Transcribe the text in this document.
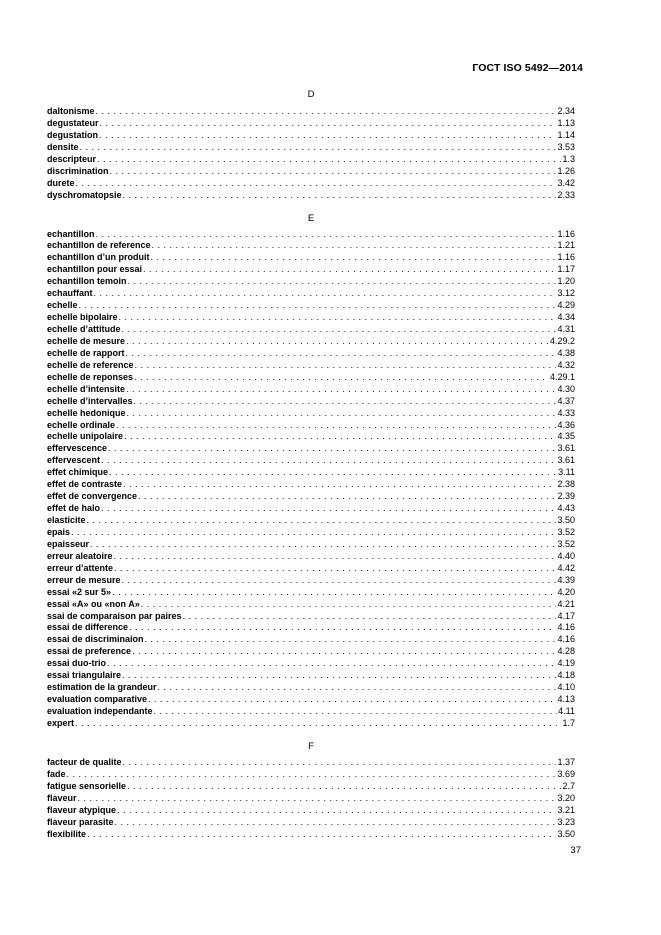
ГОСТ ISO 5492—2014
D
daltonisme . . .	2.34
degustateur . . .	1.13
degustation . . .	1.14
densite . . .	3.53
descripteur . . .	1.3
discrimination . . .	1.26
durete . . .	3.42
dyschromatopsie . . .	2.33
E
echantillon . . .	1.16
echantillon de reference . . .	1.21
echantillon d’un produit . . .	1.16
echantillon pour essai . . .	1.17
echantillon temoin . . .	1.20
echauffant . . .	3.12
echelle . . .	4.29
echelle bipolaire . . .	4.34
echelle d’attitude . . .	4.31
echelle de mesure . . .	4.29.2
echelle de rapport . . .	4.38
echelle de reference . . .	4.32
echelle de reponses . . .	4.29.1
echelle d’intensite . . .	4.30
echelle d’intervalles . . .	4.37
echelle hedonique . . .	4.33
echelle ordinale . . .	4.36
echelle unipolaire . . .	4.35
effervescence . . .	3.61
effervescent . . .	3.61
effet chimique . . .	3.11
effet de contraste . . .	2.38
effet de convergence . . .	2.39
effet de halo . . .	4.43
elasticite . . .	3.50
epais . . .	3.52
epaisseur . . .	3.52
erreur aleatoire . . .	4.40
erreur d’attente . . .	4.42
erreur de mesure . . .	4.39
essai «2 sur 5» . . .	4.20
essai «A» ou «non A» . . .	4.21
ssai de comparaison par paires . . .	4.17
essai de difference . . .	4.16
essai de discriminaion . . .	4.16
essai de preference . . .	4.28
essai duo-trio . . .	4.19
essai triangulaire . . .	4.18
estimation de la grandeur . . .	4.10
evaluation comparative . . .	4.13
evaluation independante . . .	4.11
expert . . .	1.7
F
facteur de qualite . . .	1.37
fade . . .	3.69
fatigue sensorielle . . .	2.7
flaveur . . .	3.20
flaveur atypique . . .	3.21
flaveur parasite . . .	3.23
flexibilite . . .	3.50
37
